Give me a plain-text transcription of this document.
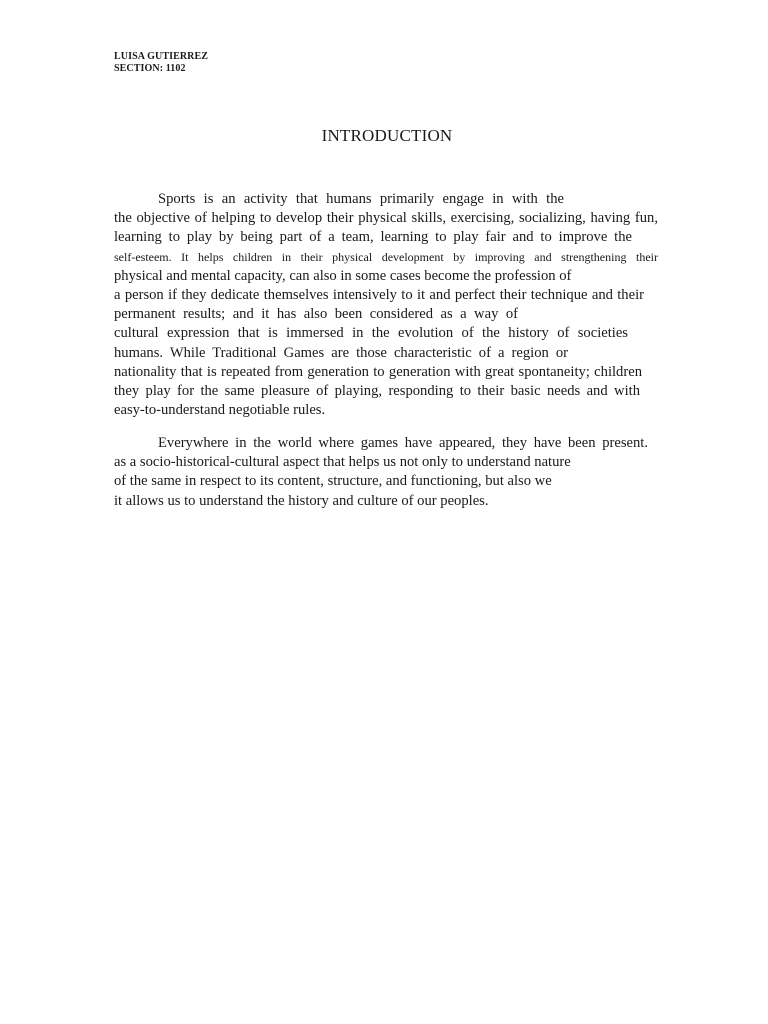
LUISA GUTIERREZ
SECTION: 1102
INTRODUCTION
Sports is an activity that humans primarily engage in with the
the objective of helping to develop their physical skills, exercising, socializing, having fun,
learning to play by being part of a team, learning to play fair and to improve the
self-esteem. It helps children in their physical development by improving and strengthening their
physical and mental capacity, can also in some cases become the profession of
a person if they dedicate themselves intensively to it and perfect their technique and their
permanent results; and it has also been considered as a way of
cultural expression that is immersed in the evolution of the history of societies
humans. While Traditional Games are those characteristic of a region or
nationality that is repeated from generation to generation with great spontaneity; children
they play for the same pleasure of playing, responding to their basic needs and with
easy-to-understand negotiable rules.
Everywhere in the world where games have appeared, they have been present.
as a socio-historical-cultural aspect that helps us not only to understand nature
of the same in respect to its content, structure, and functioning, but also we
it allows us to understand the history and culture of our peoples.
